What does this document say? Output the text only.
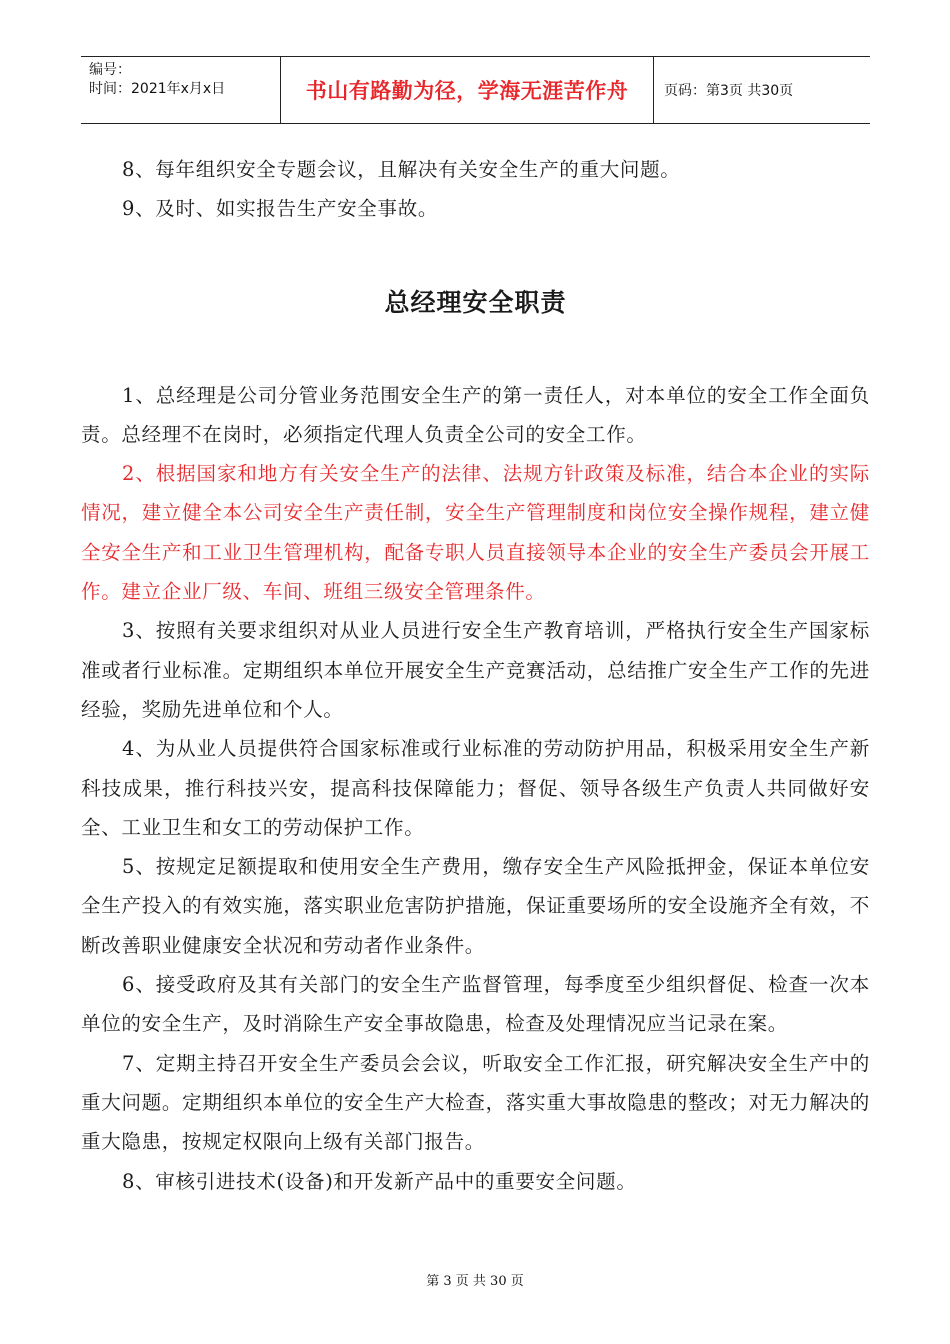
编号：
时间：2021年x月x日	书山有路勤为径，学海无涯苦作舟	页码：第3页 共30页

8、每年组织安全专题会议，且解决有关安全生产的重大问题。

9、及时、如实报告生产安全事故。

总经理安全职责

1、总经理是公司分管业务范围安全生产的第一责任人，对本单位的安全工作全面负责。总经理不在岗时，必须指定代理人负责全公司的安全工作。

2、根据国家和地方有关安全生产的法律、法规方针政策及标准，结合本企业的实际情况，建立健全本公司安全生产责任制，安全生产管理制度和岗位安全操作规程，建立健全安全生产和工业卫生管理机构，配备专职人员直接领导本企业的安全生产委员会开展工作。建立企业厂级、车间、班组三级安全管理条件。

3、按照有关要求组织对从业人员进行安全生产教育培训，严格执行安全生产国家标准或者行业标准。定期组织本单位开展安全生产竞赛活动，总结推广安全生产工作的先进经验，奖励先进单位和个人。

4、为从业人员提供符合国家标准或行业标准的劳动防护用品，积极采用安全生产新科技成果，推行科技兴安，提高科技保障能力；督促、领导各级生产负责人共同做好安全、工业卫生和女工的劳动保护工作。

5、按规定足额提取和使用安全生产费用，缴存安全生产风险抵押金，保证本单位安全生产投入的有效实施，落实职业危害防护措施，保证重要场所的安全设施齐全有效，不断改善职业健康安全状况和劳动者作业条件。

6、接受政府及其有关部门的安全生产监督管理，每季度至少组织督促、检查一次本单位的安全生产，及时消除生产安全事故隐患，检查及处理情况应当记录在案。

7、定期主持召开安全生产委员会会议，听取安全工作汇报，研究解决安全生产中的重大问题。定期组织本单位的安全生产大检查，落实重大事故隐患的整改；对无力解决的重大隐患，按规定权限向上级有关部门报告。

8、审核引进技术(设备)和开发新产品中的重要安全问题。

第 3 页 共 30 页
